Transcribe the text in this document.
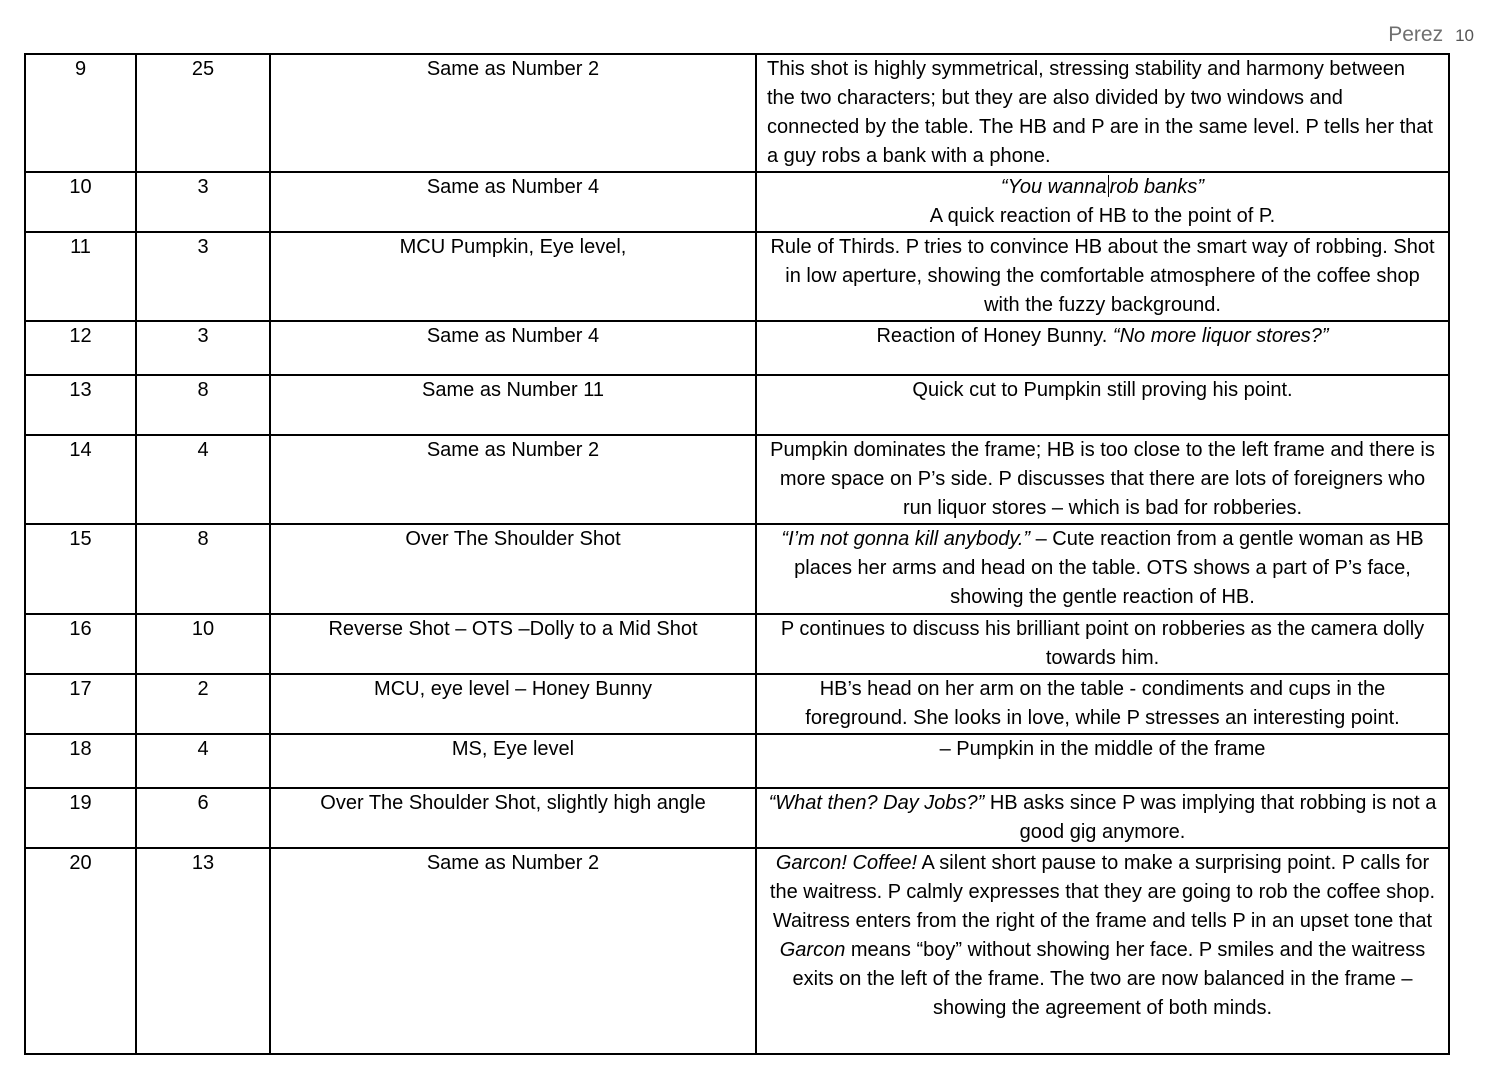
Perez 10
9	25	Same as Number 2	This shot is highly symmetrical, stressing stability and harmony between the two characters; but they are also divided by two windows and connected by the table. The HB and P are in the same level. P tells her that a guy robs a bank with a phone.
10	3	Same as Number 4	“You wanna rob banks”
A quick reaction of HB to the point of P.
11	3	MCU Pumpkin, Eye level,	Rule of Thirds. P tries to convince HB about the smart way of robbing. Shot in low aperture, showing the comfortable atmosphere of the coffee shop with the fuzzy background.
12	3	Same as Number 4	Reaction of Honey Bunny. “No more liquor stores?”
13	8	Same as Number 11	Quick cut to Pumpkin still proving his point.
14	4	Same as Number 2	Pumpkin dominates the frame; HB is too close to the left frame and there is more space on P’s side. P discusses that there are lots of foreigners who run liquor stores – which is bad for robberies.
15	8	Over The Shoulder Shot	“I’m not gonna kill anybody.” – Cute reaction from a gentle woman as HB places her arms and head on the table. OTS shows a part of P’s face, showing the gentle reaction of HB.
16	10	Reverse Shot – OTS –Dolly to a Mid Shot	P continues to discuss his brilliant point on robberies as the camera dolly towards him.
17	2	MCU, eye level – Honey Bunny	HB’s head on her arm on the table - condiments and cups in the foreground. She looks in love, while P stresses an interesting point.
18	4	MS, Eye level	– Pumpkin in the middle of the frame
19	6	Over The Shoulder Shot, slightly high angle	“What then? Day Jobs?” HB asks since P was implying that robbing is not a good gig anymore.
20	13	Same as Number 2	Garcon! Coffee! A silent short pause to make a surprising point. P calls for the waitress. P calmly expresses that they are going to rob the coffee shop. Waitress enters from the right of the frame and tells P in an upset tone that Garcon means “boy” without showing her face. P smiles and the waitress exits on the left of the frame. The two are now balanced in the frame – showing the agreement of both minds.
